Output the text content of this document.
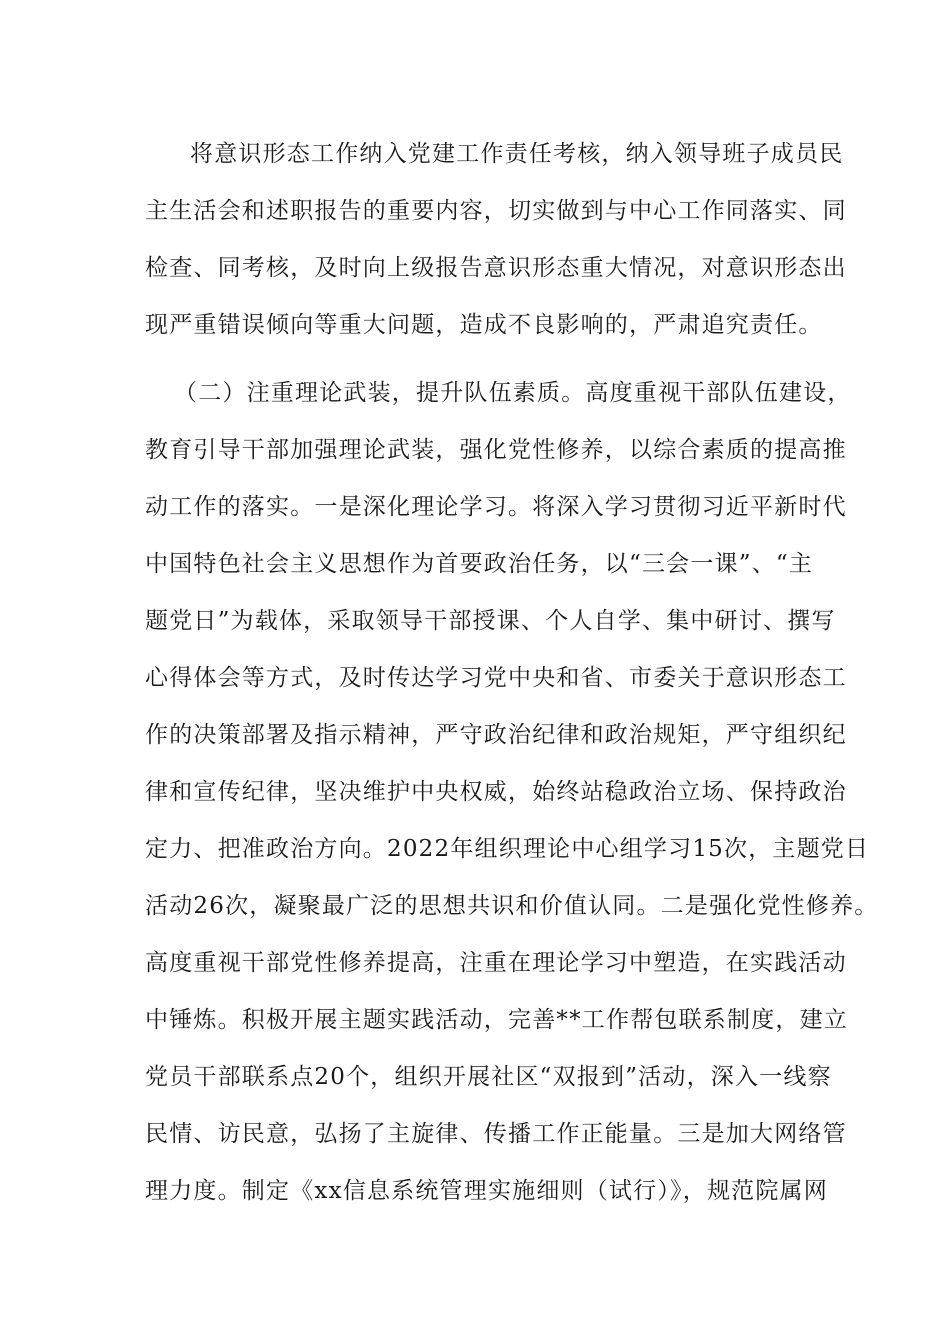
将意识形态工作纳入党建工作责任考核，纳入领导班子成员民
主生活会和述职报告的重要内容，切实做到与中心工作同落实、同
检查、同考核，及时向上级报告意识形态重大情况，对意识形态出
现严重错误倾向等重大问题，造成不良影响的，严肃追究责任。
（二）注重理论武装，提升队伍素质。高度重视干部队伍建设，
教育引导干部加强理论武装，强化党性修养，以综合素质的提高推
动工作的落实。一是深化理论学习。将深入学习贯彻习近平新时代
中国特色社会主义思想作为首要政治任务，以“三会一课”、“主
题党日”为载体，采取领导干部授课、个人自学、集中研讨、撰写
心得体会等方式，及时传达学习党中央和省、市委关于意识形态工
作的决策部署及指示精神，严守政治纪律和政治规矩，严守组织纪
律和宣传纪律，坚决维护中央权威，始终站稳政治立场、保持政治
定力、把准政治方向。2022年组织理论中心组学习15次，主题党日
活动26次，凝聚最广泛的思想共识和价值认同。二是强化党性修养。
高度重视干部党性修养提高，注重在理论学习中塑造，在实践活动
中锤炼。积极开展主题实践活动，完善**工作帮包联系制度，建立
党员干部联系点20个，组织开展社区“双报到”活动，深入一线察
民情、访民意，弘扬了主旋律、传播工作正能量。三是加大网络管
理力度。制定《xx信息系统管理实施细则（试行）》，规范院属网
